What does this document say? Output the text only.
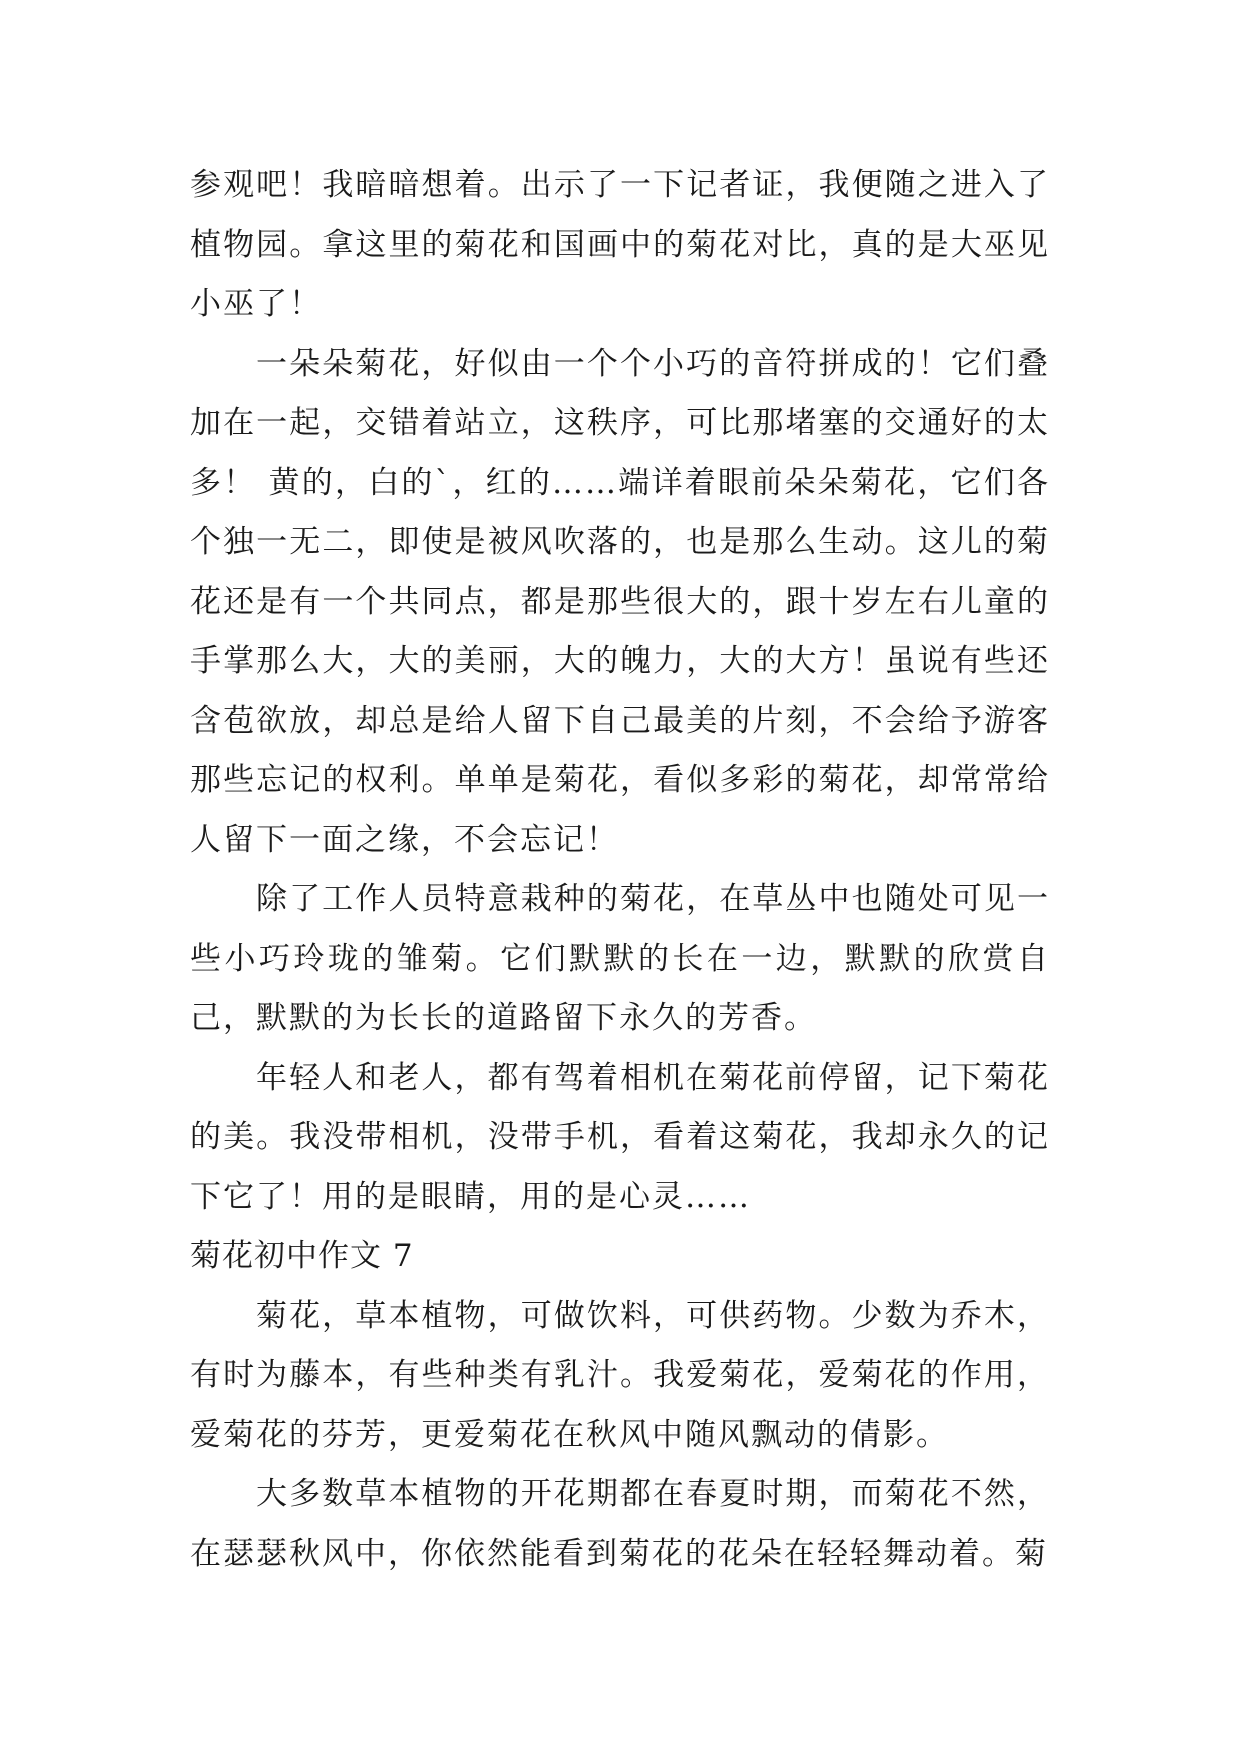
参观吧！我暗暗想着。出示了一下记者证，我便随之进入了植物园。拿这里的菊花和国画中的菊花对比，真的是大巫见小巫了！

一朵朵菊花，好似由一个个小巧的音符拼成的！它们叠加在一起，交错着站立，这秩序，可比那堵塞的交通好的太多！ 黄的，白的`，红的……端详着眼前朵朵菊花，它们各个独一无二，即使是被风吹落的，也是那么生动。这儿的菊花还是有一个共同点，都是那些很大的，跟十岁左右儿童的手掌那么大，大的美丽，大的魄力，大的大方！虽说有些还含苞欲放，却总是给人留下自己最美的片刻，不会给予游客那些忘记的权利。单单是菊花，看似多彩的菊花，却常常给人留下一面之缘，不会忘记！

除了工作人员特意栽种的菊花，在草丛中也随处可见一些小巧玲珑的雏菊。它们默默的长在一边，默默的欣赏自己，默默的为长长的道路留下永久的芳香。

年轻人和老人，都有驾着相机在菊花前停留，记下菊花的美。我没带相机，没带手机，看着这菊花，我却永久的记下它了！用的是眼睛，用的是心灵……

菊花初中作文 7

菊花，草本植物，可做饮料，可供药物。少数为乔木，有时为藤本，有些种类有乳汁。我爱菊花，爱菊花的作用，爱菊花的芬芳，更爱菊花在秋风中随风飘动的倩影。

大多数草本植物的开花期都在春夏时期，而菊花不然，在瑟瑟秋风中，你依然能看到菊花的花朵在轻轻舞动着。菊
